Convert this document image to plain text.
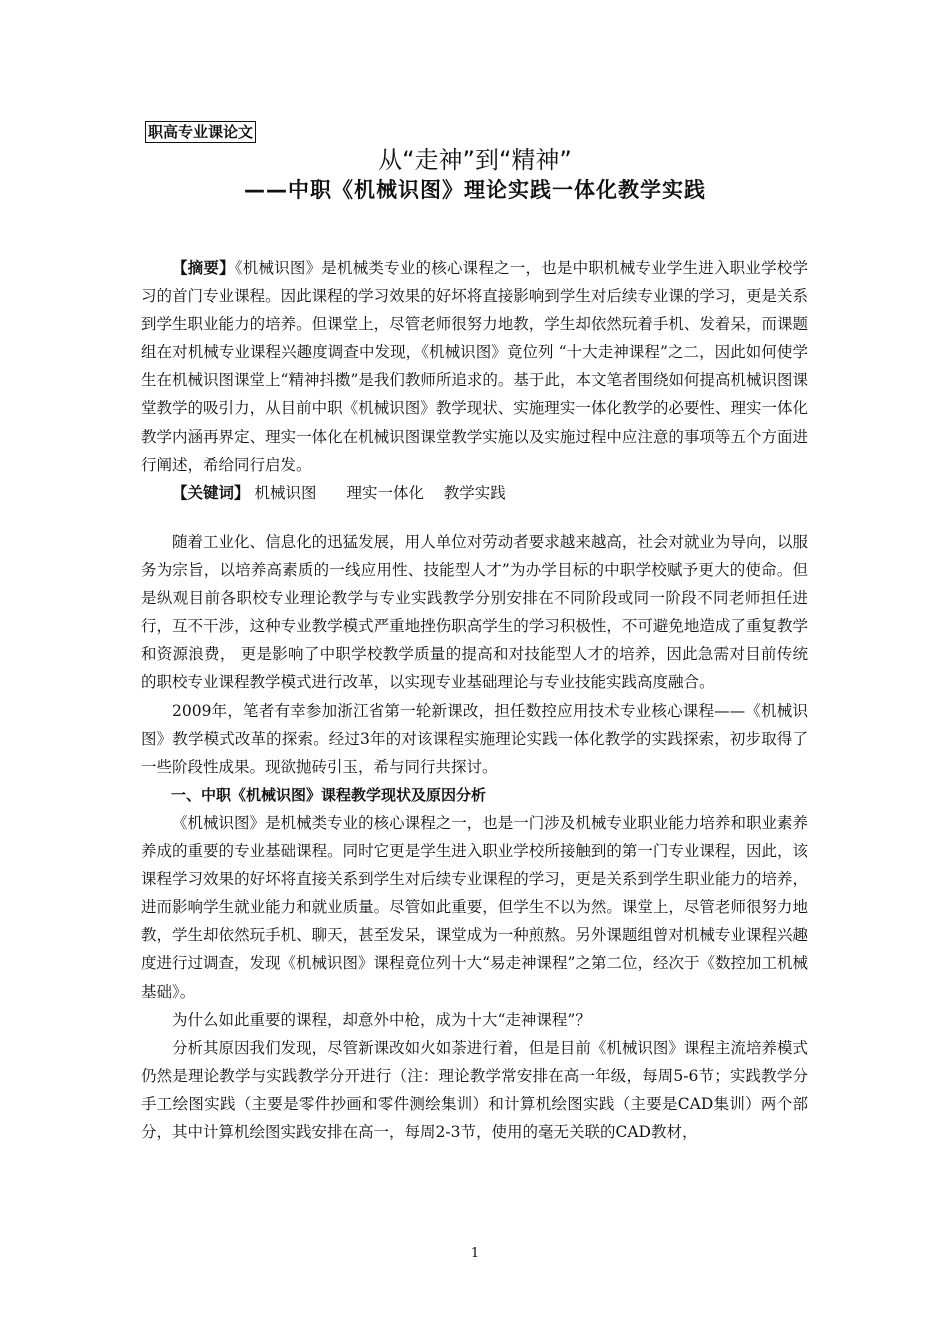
职高专业课论文
从“走神”到“精神”
——中职《机械识图》理论实践一体化教学实践

【摘要】《机械识图》是机械类专业的核心课程之一，也是中职机械专业学生进入职业学校学习的首门专业课程。因此课程的学习效果的好坏将直接影响到学生对后续专业课的学习，更是关系到学生职业能力的培养。但课堂上，尽管老师很努力地教，学生却依然玩着手机、发着呆，而课题组在对机械专业课程兴趣度调查中发现，《机械识图》竟位列 “十大走神课程”之二，因此如何使学生在机械识图课堂上“精神抖擞”是我们教师所追求的。基于此，本文笔者围绕如何提高机械识图课堂教学的吸引力，从目前中职《机械识图》教学现状、实施理实一体化教学的必要性、理实一体化教学内涵再界定、理实一体化在机械识图课堂教学实施以及实施过程中应注意的事项等五个方面进行阐述，希给同行启发。

【关键词】 机械识图 理实一体化 教学实践

随着工业化、信息化的迅猛发展，用人单位对劳动者要求越来越高，社会对就业为导向，以服务为宗旨，以培养高素质的一线应用性、技能型人才”为办学目标的中职学校赋予更大的使命。但是纵观目前各职校专业理论教学与专业实践教学分别安排在不同阶段或同一阶段不同老师担任进行，互不干涉，这种专业教学模式严重地挫伤职高学生的学习积极性，不可避免地造成了重复教学和资源浪费， 更是影响了中职学校教学质量的提高和对技能型人才的培养，因此急需对目前传统的职校专业课程教学模式进行改革，以实现专业基础理论与专业技能实践高度融合。

2009年，笔者有幸参加浙江省第一轮新课改，担任数控应用技术专业核心课程——《机械识图》教学模式改革的探索。经过3年的对该课程实施理论实践一体化教学的实践探索，初步取得了一些阶段性成果。现欲抛砖引玉，希与同行共探讨。

一、中职《机械识图》课程教学现状及原因分析

《机械识图》是机械类专业的核心课程之一，也是一门涉及机械专业职业能力培养和职业素养养成的重要的专业基础课程。同时它更是学生进入职业学校所接触到的第一门专业课程，因此，该课程学习效果的好坏将直接关系到学生对后续专业课程的学习，更是关系到学生职业能力的培养，进而影响学生就业能力和就业质量。尽管如此重要，但学生不以为然。课堂上，尽管老师很努力地教，学生却依然玩手机、聊天，甚至发呆，课堂成为一种煎熬。另外课题组曾对机械专业课程兴趣度进行过调查，发现《机械识图》课程竟位列十大“易走神课程”之第二位，经次于《数控加工机械基础》。

为什么如此重要的课程，却意外中枪，成为十大“走神课程”？

分析其原因我们发现，尽管新课改如火如荼进行着，但是目前《机械识图》课程主流培养模式仍然是理论教学与实践教学分开进行（注：理论教学常安排在高一年级，每周5-6节；实践教学分手工绘图实践（主要是零件抄画和零件测绘集训）和计算机绘图实践（主要是CAD集训）两个部分，其中计算机绘图实践安排在高一，每周2-3节，使用的毫无关联的CAD教材，

1
